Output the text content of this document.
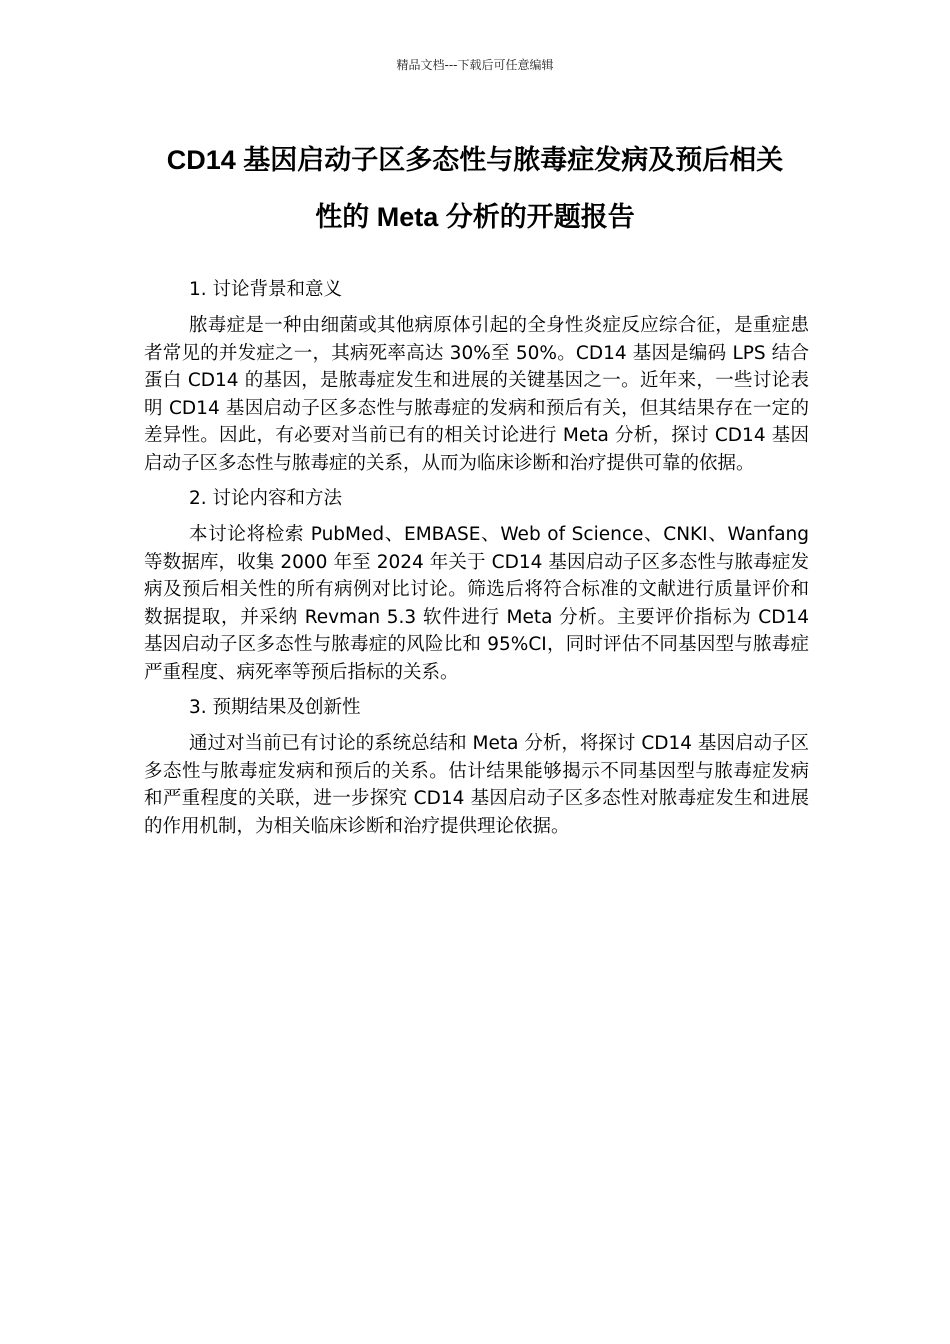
精品文档---下载后可任意编辑
CD14 基因启动子区多态性与脓毒症发病及预后相关
性的 Meta 分析的开题报告
1. 讨论背景和意义

脓毒症是一种由细菌或其他病原体引起的全身性炎症反应综合征，是重症患者常见的并发症之一，其病死率高达 30%至 50%。CD14 基因是编码 LPS 结合蛋白 CD14 的基因，是脓毒症发生和进展的关键基因之一。近年来，一些讨论表明 CD14 基因启动子区多态性与脓毒症的发病和预后有关，但其结果存在一定的差异性。因此，有必要对当前已有的相关讨论进行 Meta 分析，探讨 CD14 基因启动子区多态性与脓毒症的关系，从而为临床诊断和治疗提供可靠的依据。

2. 讨论内容和方法

本讨论将检索 PubMed、EMBASE、Web of Science、CNKI、Wanfang 等数据库，收集 2000 年至 2024 年关于 CD14 基因启动子区多态性与脓毒症发病及预后相关性的所有病例对比讨论。筛选后将符合标准的文献进行质量评价和数据提取，并采纳 Revman 5.3 软件进行 Meta 分析。主要评价指标为 CD14 基因启动子区多态性与脓毒症的风险比和 95%CI，同时评估不同基因型与脓毒症严重程度、病死率等预后指标的关系。

3. 预期结果及创新性

通过对当前已有讨论的系统总结和 Meta 分析，将探讨 CD14 基因启动子区多态性与脓毒症发病和预后的关系。估计结果能够揭示不同基因型与脓毒症发病和严重程度的关联，进一步探究 CD14 基因启动子区多态性对脓毒症发生和进展的作用机制，为相关临床诊断和治疗提供理论依据。
